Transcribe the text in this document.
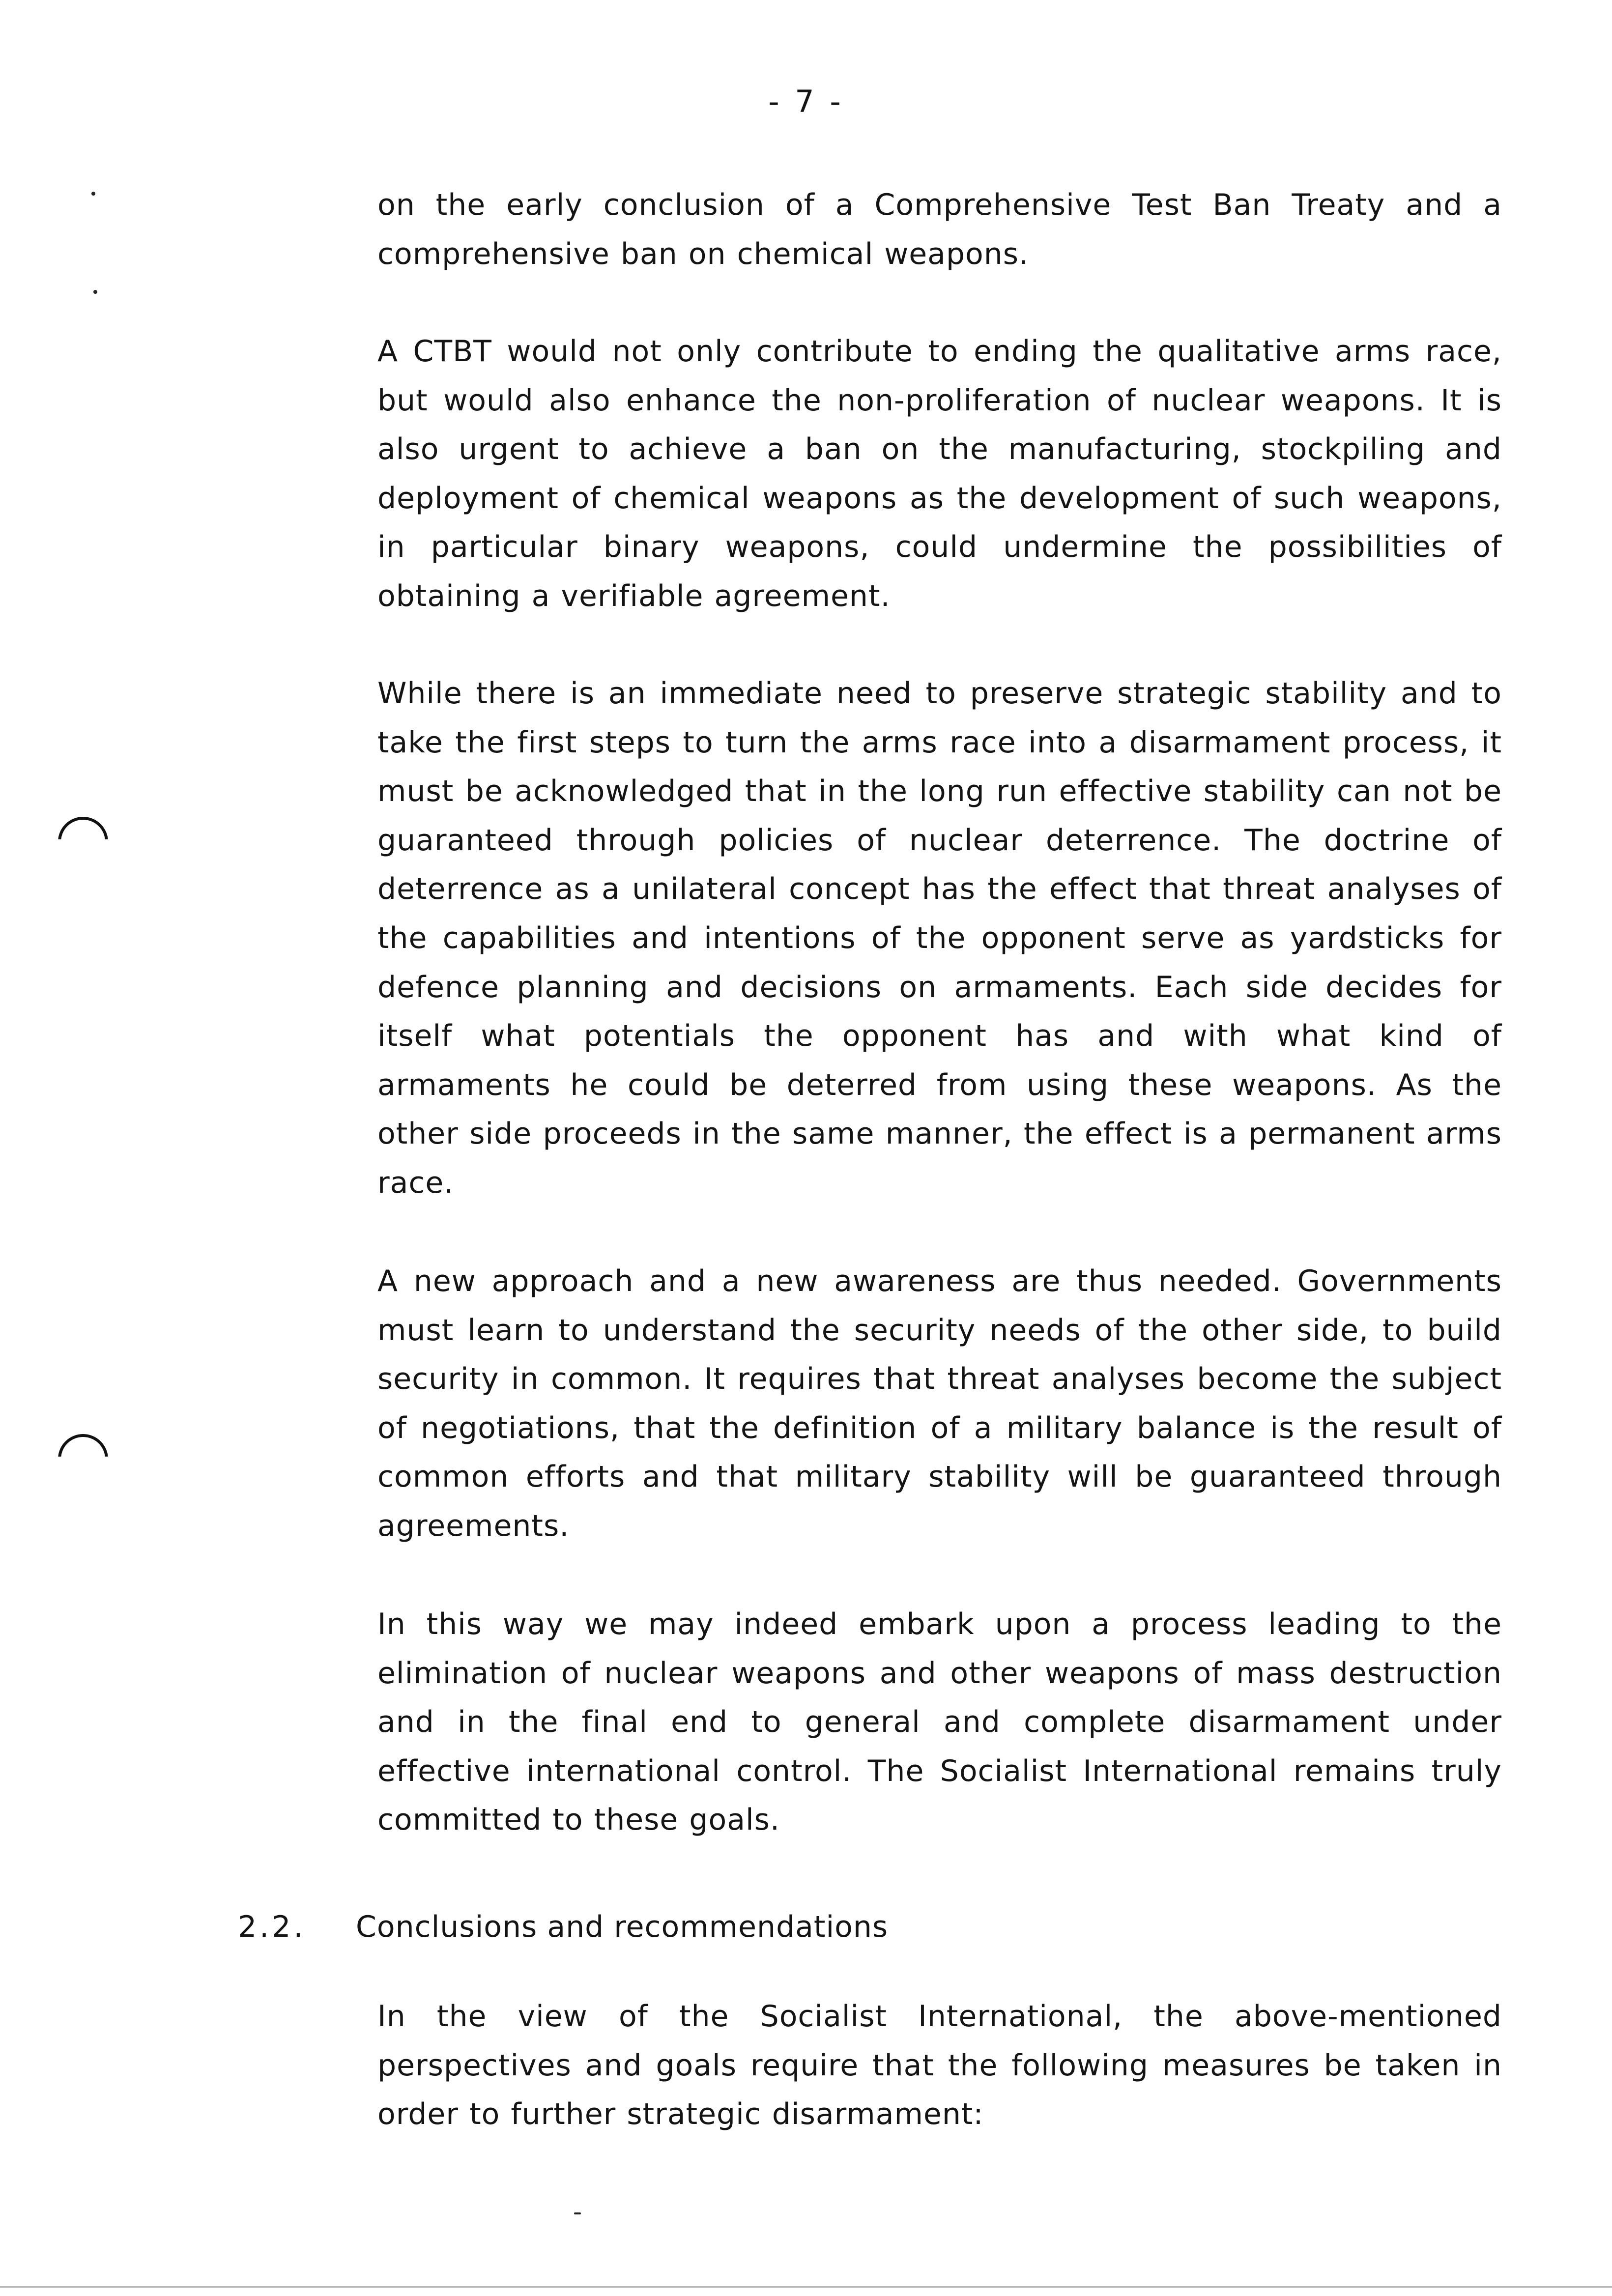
- 7 -

on the early conclusion of a Comprehensive Test Ban Treaty and a comprehensive ban on chemical weapons.

A CTBT would not only contribute to ending the qualitative arms race, but would also enhance the non-proliferation of nuclear weapons. It is also urgent to achieve a ban on the manufacturing, stockpiling and deployment of chemical weapons as the development of such weapons, in particular binary weapons, could undermine the possibilities of obtaining a verifiable agreement.

While there is an immediate need to preserve strategic stability and to take the first steps to turn the arms race into a disarmament process, it must be acknowledged that in the long run effective stability can not be guaranteed through policies of nuclear deterrence. The doctrine of deterrence as a unilateral concept has the effect that threat analyses of the capabilities and intentions of the opponent serve as yardsticks for defence planning and decisions on armaments. Each side decides for itself what potentials the opponent has and with what kind of armaments he could be deterred from using these weapons. As the other side proceeds in the same manner, the effect is a permanent arms race.

A new approach and a new awareness are thus needed. Governments must learn to understand the security needs of the other side, to build security in common. It requires that threat analyses become the subject of negotiations, that the definition of a military balance is the result of common efforts and that military stability will be guaranteed through agreements.

In this way we may indeed embark upon a process leading to the elimination of nuclear weapons and other weapons of mass destruction and in the final end to general and complete disarmament under effective international control. The Socialist International remains truly committed to these goals.

2.2. Conclusions and recommendations

In the view of the Socialist International, the above-mentioned perspectives and goals require that the following measures be taken in order to further strategic disarmament:
